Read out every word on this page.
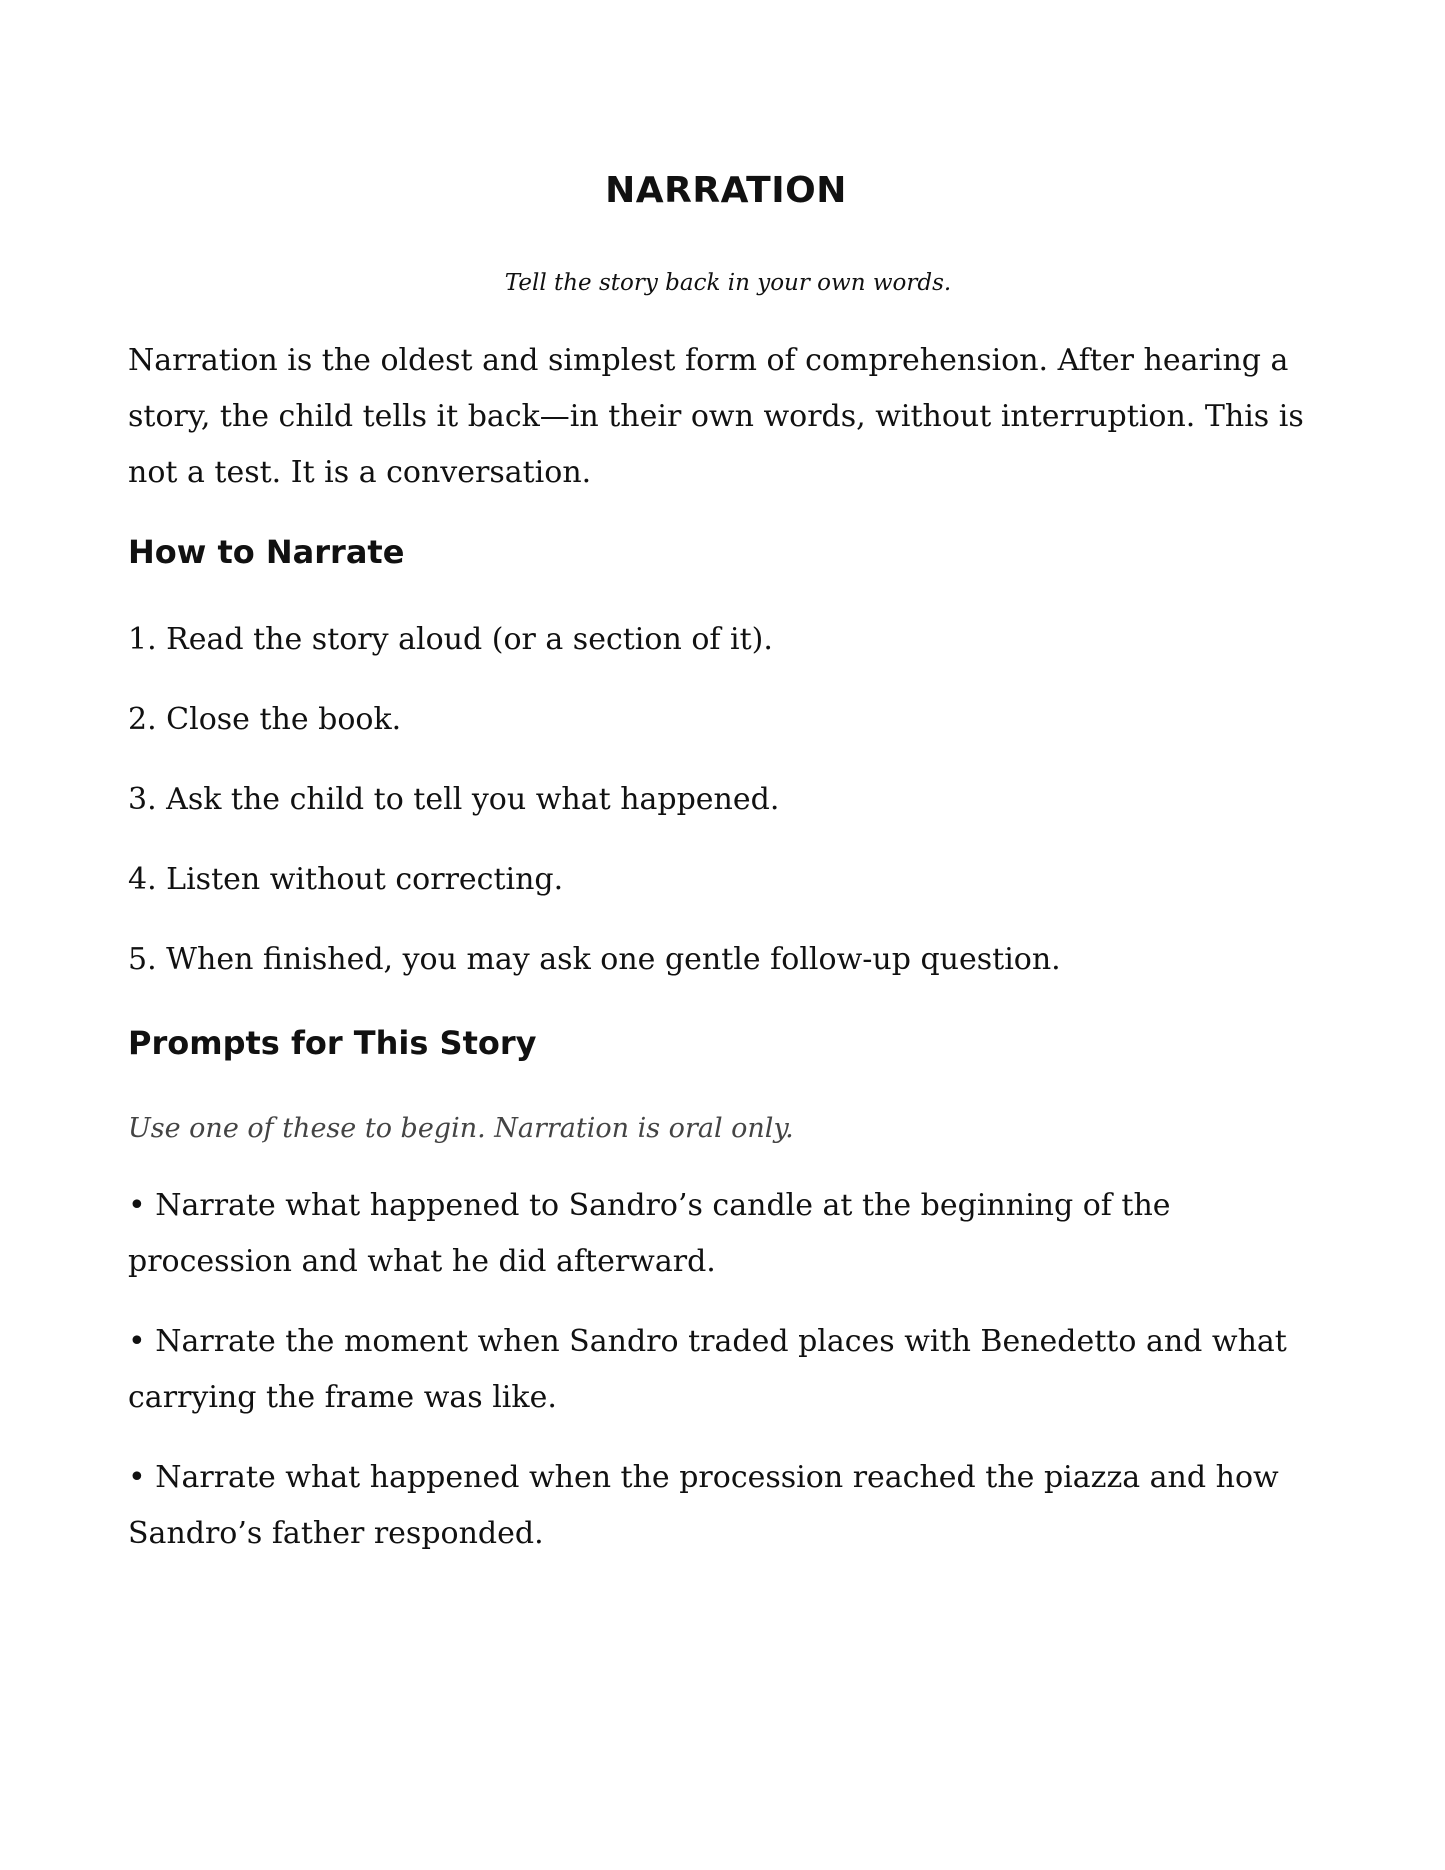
NARRATION

Tell the story back in your own words.

Narration is the oldest and simplest form of comprehension. After hearing a story, the child tells it back—in their own words, without interruption. This is not a test. It is a conversation.

How to Narrate

1. Read the story aloud (or a section of it).

2. Close the book.

3. Ask the child to tell you what happened.

4. Listen without correcting.

5. When finished, you may ask one gentle follow-up question.

Prompts for This Story

Use one of these to begin. Narration is oral only.

• Narrate what happened to Sandro’s candle at the beginning of the procession and what he did afterward.

• Narrate the moment when Sandro traded places with Benedetto and what carrying the frame was like.

• Narrate what happened when the procession reached the piazza and how Sandro’s father responded.
